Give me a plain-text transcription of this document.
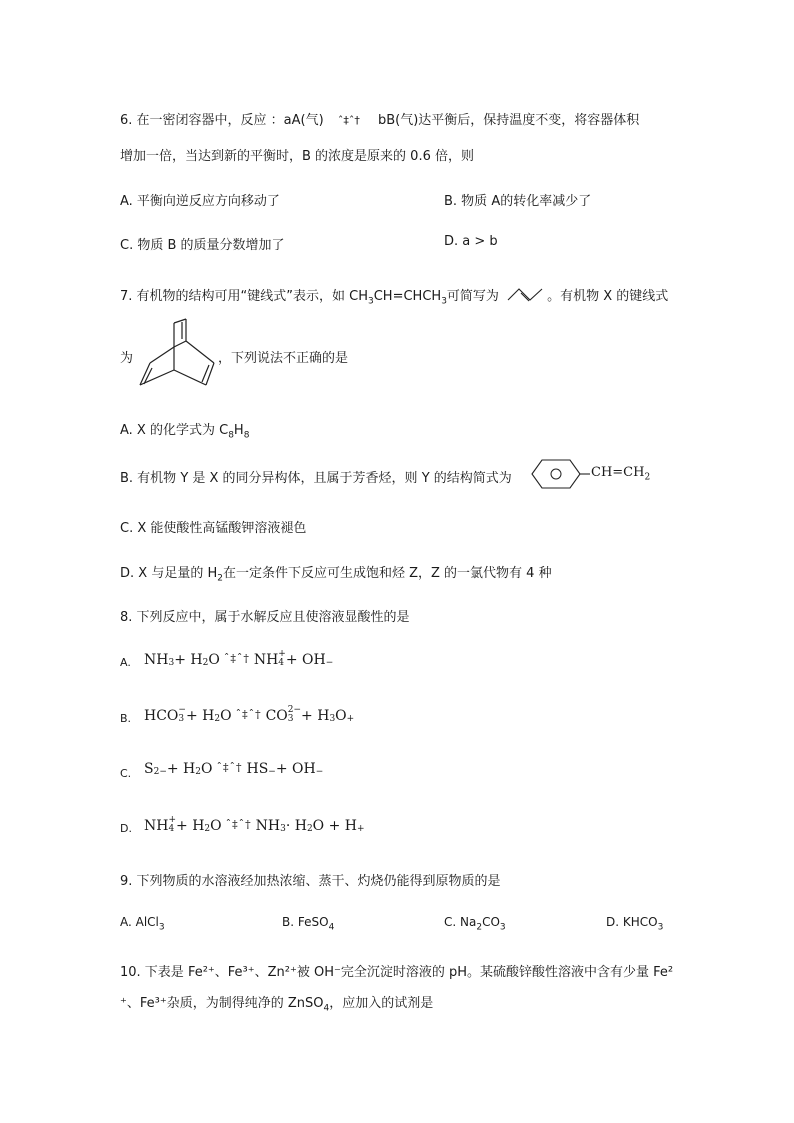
6. 在一密闭容器中，反应 ：aA(气) ˆ‡ˆ† bB(气)达平衡后，保持温度不变，将容器体积
增加一倍，当达到新的平衡时，B 的浓度是原来的 0.6 倍，则
A. 平衡向逆反应方向移动了	B. 物质 A的转化率减少了
C. 物质 B 的质量分数增加了	D. a > b
7. 有机物的结构可用“键线式”表示，如 $CH_3CH=CHCH_3$可简写为	。有机物 X 的键线式
为	，下列说法不正确的是
A. X 的化学式为 $C_8H_8$
B. 有机物 Y 是 X 的同分异构体，且属于芳香烃，则 Y 的结构简式为	$CH=CH_2$
C. X 能使酸性高锰酸钾溶液褪色
D. X 与足量的 $H_2$在一定条件下反应可生成饱和烃 Z，Z 的一氯代物有 4 种
8. 下列反应中，属于水解反应且使溶液显酸性的是
A. $NH_3 + H_2$ O ˆ‡ˆ† NH +
$4 + OH_-$
B. HCO −
$3 + H_2$ O ˆ‡ˆ† CO 2−
$3 + H_3$ $O_+$
C. $S_{2-} + H_2$ O ˆ‡ˆ† $HS_- + OH_-$
D. NH +
$4 + H_2$ O ˆ‡ˆ† $NH_3 \cdot H_2$ $O + H_+$
9. 下列物质的水溶液经加热浓缩、蒸干、灼烧仍能得到原物质的是
A. AlCl$_3$	B. FeSO$_4$	C. $Na_2CO_3$	D. $KHCO_3$
10. 下表是 Fe²⁺、Fe³⁺、Zn²⁺被 OH⁻完全沉淀时溶液的 pH。某硫酸锌酸性溶液中含有少量 Fe²
⁺、Fe³⁺杂质，为制得纯净的 ZnSO$_4$，应加入的试剂是
